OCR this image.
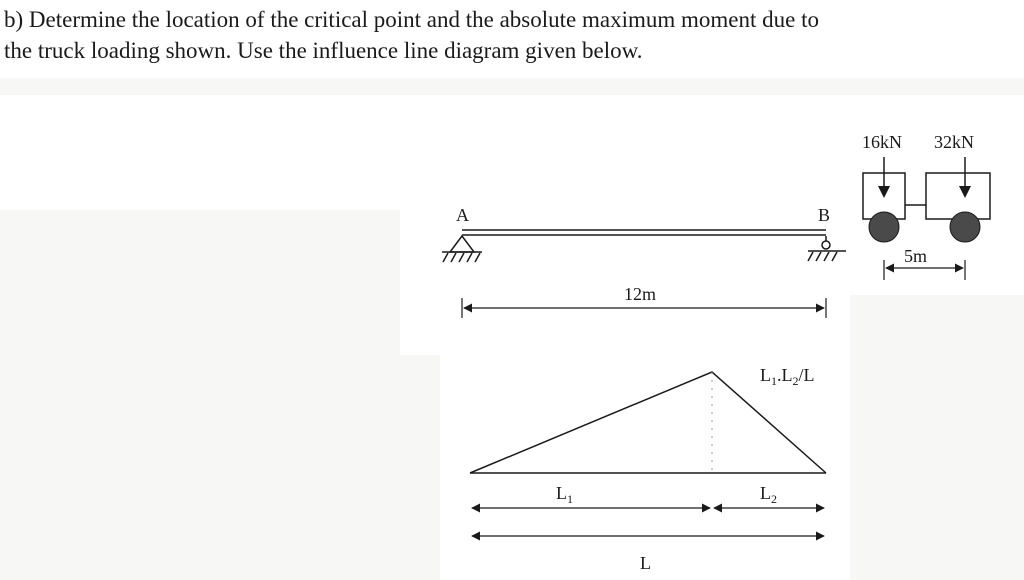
b) Determine the location of the critical point and the absolute maximum moment due to
the truck loading shown. Use the influence line diagram given below.
A	B
12m
16kN 32kN
5m
$L_1.L_2/L$
$L_1$	$L_2$
L
